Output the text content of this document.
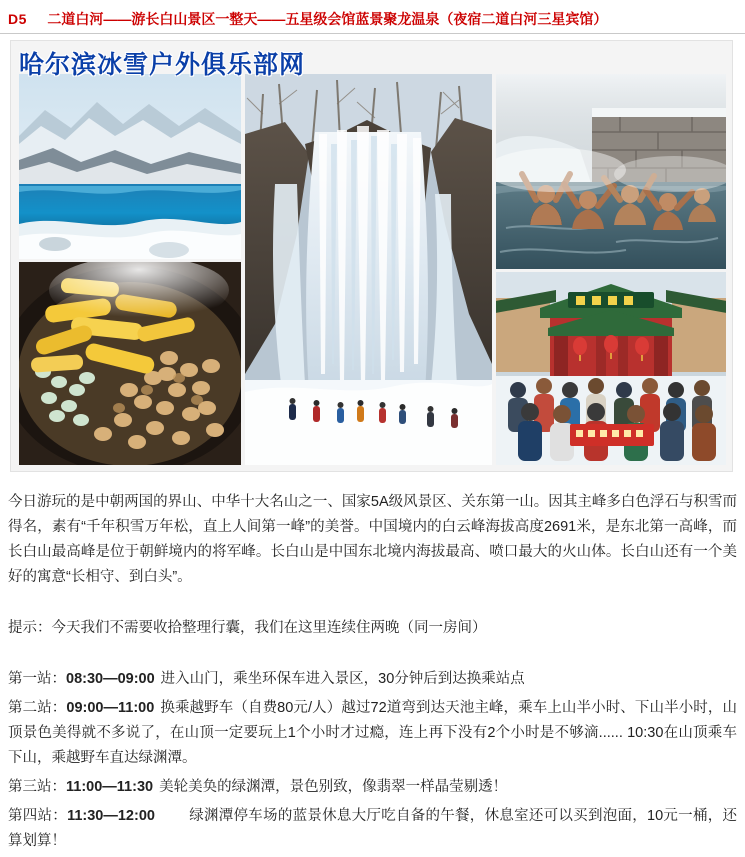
D5 二道白河——游长白山景区一整天——五星级会馆蓝景聚龙温泉（夜宿二道白河三星宾馆）
哈尔滨冰雪户外俱乐部网

今日游玩的是中朝两国的界山、中华十大名山之一、国家5A级风景区、关东第一山。因其主峰多白色浮石与积雪而得名，素有“千年积雪万年松，直上人间第一峰”的美誉。中国境内的白云峰海拔高度2691米，是东北第一高峰，而长白山最高峰是位于朝鲜境内的将军峰。长白山是中国东北境内海拔最高、喷口最大的火山体。长白山还有一个美好的寓意“长相守、到白头”。

提示：今天我们不需要收拾整理行囊，我们在这里连续住两晚（同一房间）

第一站：08:30—09:00 进入山门，乘坐环保车进入景区，30分钟后到达换乘站点

第二站：09:00—11:00 换乘越野车（自费80元/人）越过72道弯到达天池主峰，乘车上山半小时、下山半小时，山顶景色美得就不多说了，在山顶一定要玩上1个小时才过瘾，连上再下没有2个小时是不够滴...... 10:30在山顶乘车下山，乘越野车直达绿渊潭。

第三站：11:00—11:30 美轮美奂的绿渊潭，景色别致，像翡翠一样晶莹剔透！

第四站：11:30—12:00 绿渊潭停车场的蓝景休息大厅吃自备的午餐，休息室还可以买到泡面，10元一桶，还算划算！
